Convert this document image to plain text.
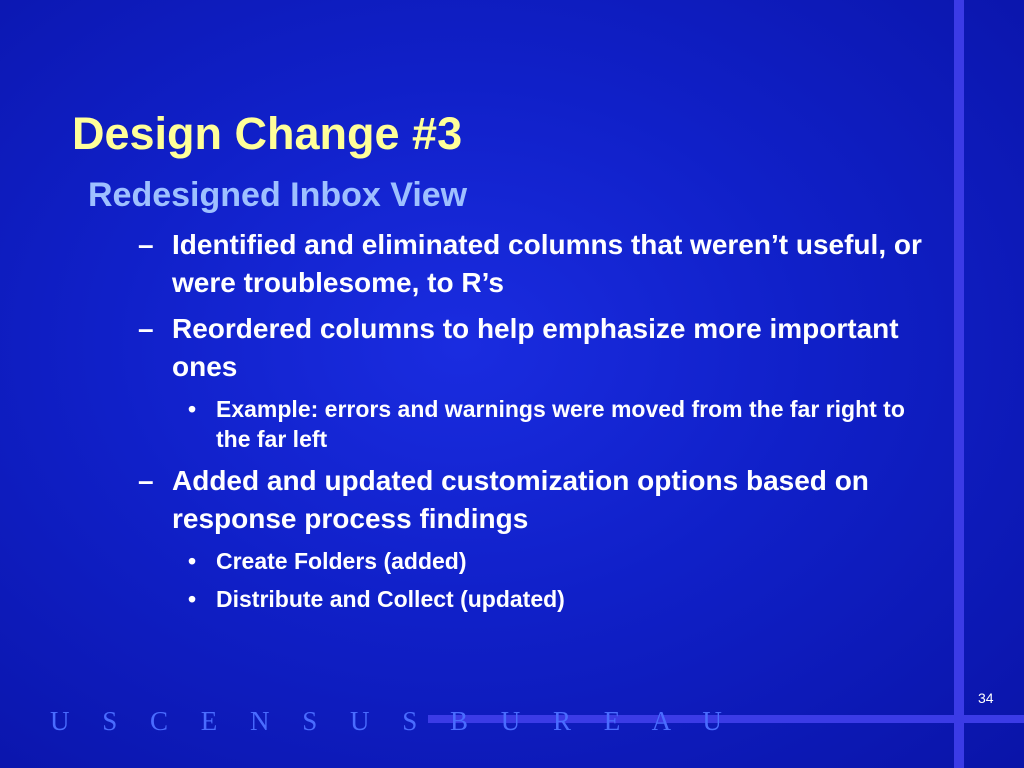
Design Change #3
Redesigned Inbox View
– Identified and eliminated columns that weren’t useful, or were troublesome, to R’s
– Reordered columns to help emphasize more important ones
• Example: errors and warnings were moved from the far right to the far left
– Added and updated customization options based on response process findings
• Create Folders (added)
• Distribute and Collect (updated)
34
U S C E N S U S B U R E A U
